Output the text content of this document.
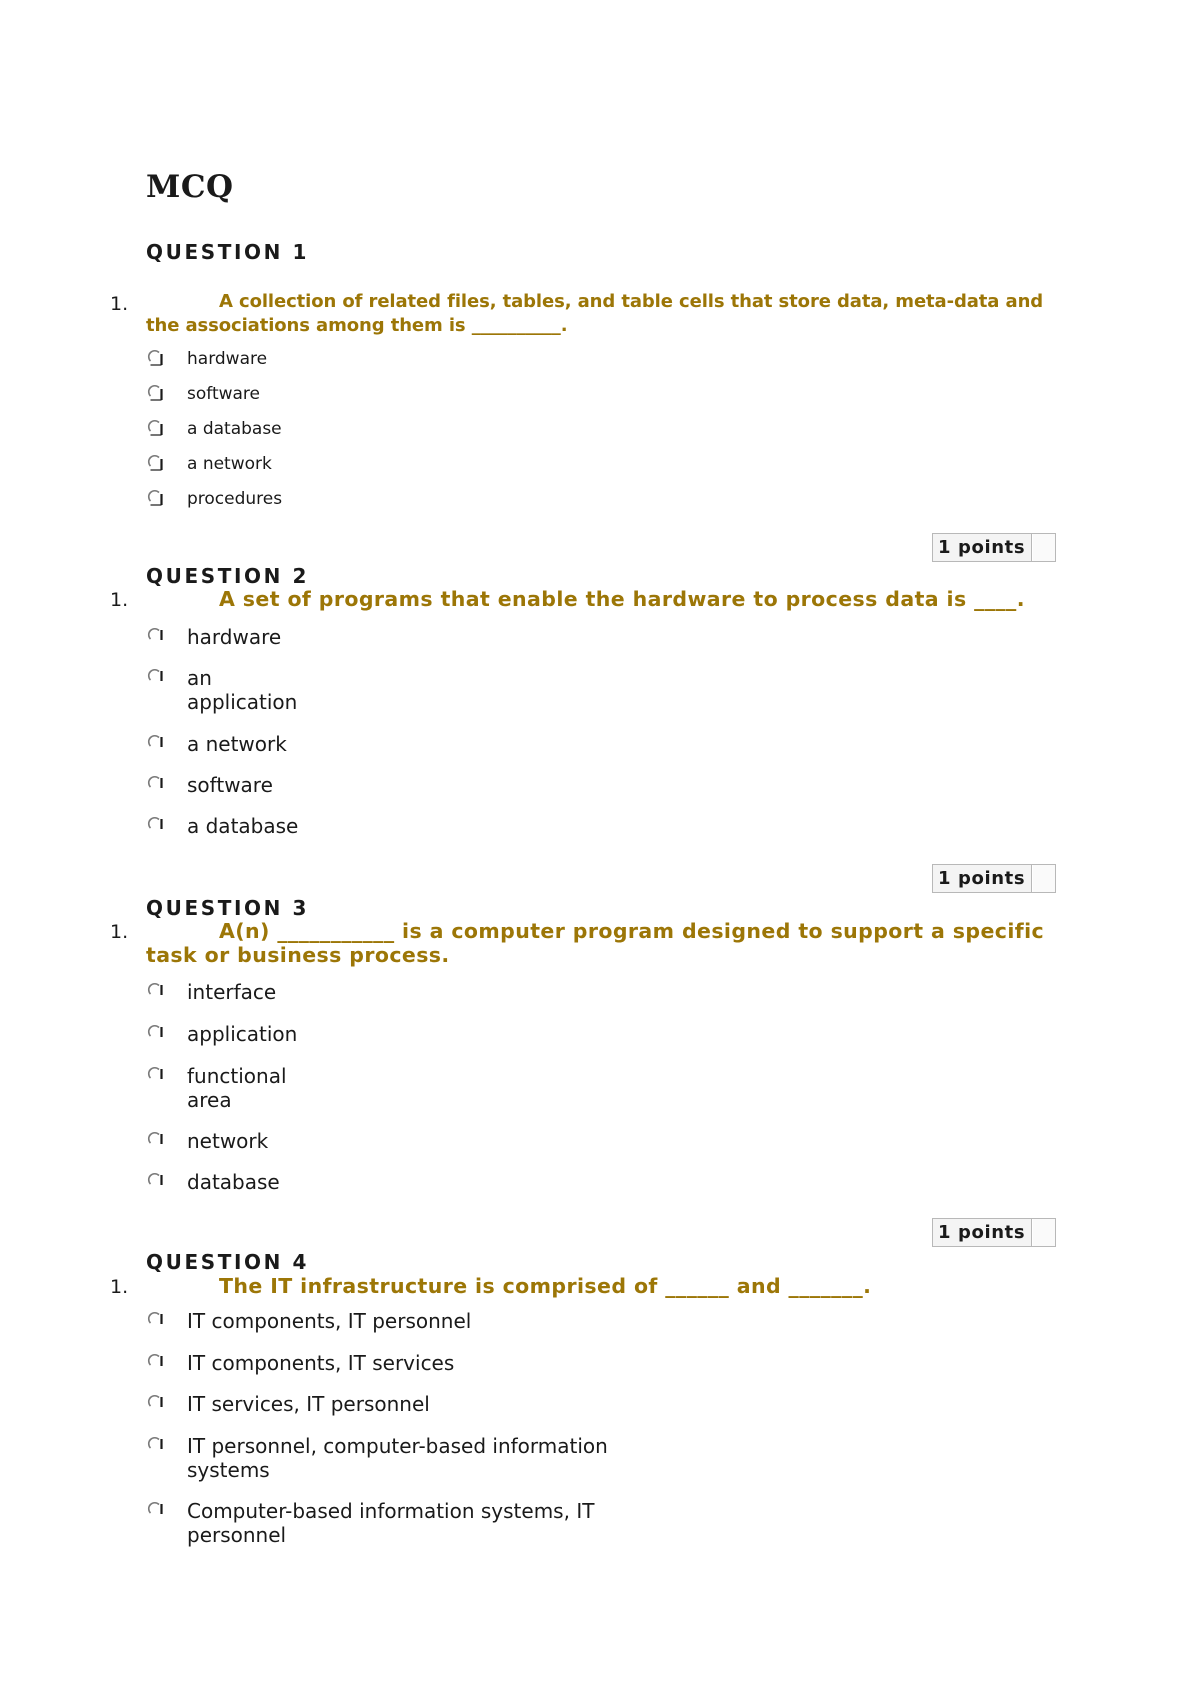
MCQ
QUESTION 1
1.	A collection of related files, tables, and table cells that store data, meta-data and the associations among them is __________.
hardware
software
a database
a network
procedures
1 points
QUESTION 2
1.	A set of programs that enable the hardware to process data is ____.
hardware
an application
a network
software
a database
1 points
QUESTION 3
1.	A(n) ___________ is a computer program designed to support a specific task or business process.
interface
application
functional area
network
database
1 points
QUESTION 4
1.	The IT infrastructure is comprised of ______ and _______.
IT components, IT personnel
IT components, IT services
IT services, IT personnel
IT personnel, computer-based information systems
Computer-based information systems, IT personnel
